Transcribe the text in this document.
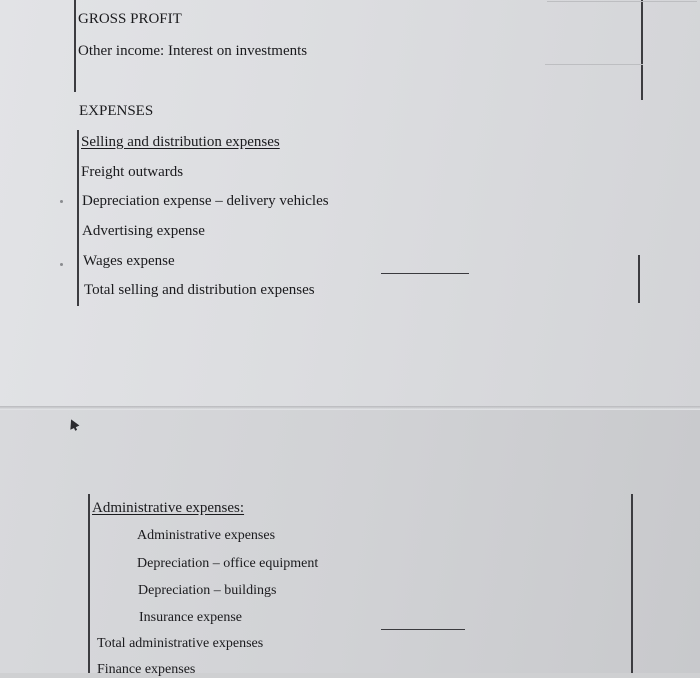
GROSS PROFIT
Other income: Interest on investments
EXPENSES
Selling and distribution expenses
Freight outwards
Depreciation expense – delivery vehicles
Advertising expense
Wages expense
Total selling and distribution expenses
Administrative expenses:
Administrative expenses
Depreciation – office equipment
Depreciation – buildings
Insurance expense
Total administrative expenses
Finance expenses
